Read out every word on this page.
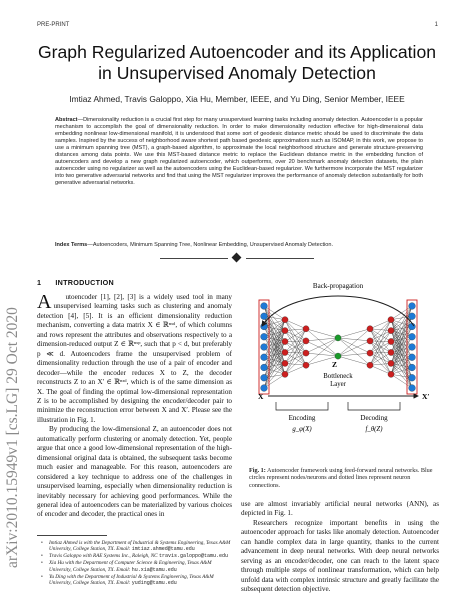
PRE-PRINT	1
arXiv:2010.15949v1 [cs.LG] 29 Oct 2020
Graph Regularized Autoencoder and its Application in Unsupervised Anomaly Detection
Imtiaz Ahmed, Travis Galoppo, Xia Hu, Member, IEEE, and Yu Ding, Senior Member, IEEE
Abstract—Dimensionality reduction is a crucial first step for many unsupervised learning tasks including anomaly detection. Autoencoder is a popular mechanism to accomplish the goal of dimensionality reduction. In order to make dimensionality reduction effective for high-dimensional data embedding nonlinear low-dimensional manifold, it is understood that some sort of geodesic distance metric should be used to discriminate the data samples. Inspired by the success of neighborhood aware shortest path based geodesic approximatiors such as ISOMAP, in this work, we propose to use a minimum spanning tree (MST), a graph-based algorithm, to approximate the local neighborhood structure and generate structure-preserving distances among data points. We use this MST-based distance metric to replace the Euclidean distance metric in the embedding function of autoencoders and develop a new graph regularized autoencoder, which outperforms, over 20 benchmark anomaly detection datasets, the plain autoencoder using no regularizer as well as the autoencoders using the Euclidean-based regularizer. We furthermore incorporate the MST regularizer into two generative adversarial networks and find that using the MST regularizer improves the performance of anomaly detection substantially for both generative adversarial networks.
Index Terms—Autoencoders, Minimum Spanning Tree, Nonlinear Embedding, Unsupervised Anomaly Detection.
1 INTRODUCTION

A utoencoder [1], [2], [3] is a widely used tool in many unsupervised learning tasks such as clustering and anomaly detection [4], [5]. It is an efficient dimensionality reduction mechanism, converting a data matrix X ∈ ℝⁿˣᵈ, of which columns and rows represent the attributes and observations respectively to a dimension-reduced output Z ∈ ℝⁿˣᵖ, such that p < d, but preferably p ≪ d. Autoencoders frame the unsupervised problem of dimensionality reduction through the use of a pair of encoder and decoder—while the encoder reduces X to Z, the decoder reconstructs Z to an X′ ∈ ℝⁿˣᵈ, which is of the same dimension as X. The goal of finding the optimal low-dimensional representation Z is to be accomplished by designing the encoder/decoder pair to minimize the reconstruction error between X and X′. Please see the illustration in Fig. 1.

By producing the low-dimensional Z, an autoencoder does not automatically perform clustering or anomaly detection. Yet, people argue that once a good low-dimensional representation of the high-dimensional original data is obtained, the subsequent tasks become much easier and manageable. For this reason, autoencoders are considered a key technique to address one of the challenges in unsupervised learning, especially when dimensionality reduction is inevitably necessary for achieving good performances. While the general idea of autoencoders can be materialized by various choices of encoder and decoder, the practical ones in

• Imtiaz Ahmed is with the Department of Industrial & Systems Engineering, Texas A&M University, College Station, TX. Email: imtiaz.ahmed@tamu.edu
• Travis Galoppo with RAE Systems Inc., Raleigh, NC travis.galoppo@tamu.edu
• Xia Hu with the Department of Computer Science & Engineering, Texas A&M University, College Station, TX. Email: hu.xia@tamu.edu
• Yu Ding with the Department of Industrial & Systems Engineering, Texas A&M University, College Station, TX. Email: yuding@tamu.edu
Back-propagation
Z
Bottleneck
Layer
X	X′
Encoding	Decoding
g_φ(X)	f_θ(Z)
Fig. 1: Autoencoder framework using feed-forward neural networks. Blue circles represent nodes/neurons and dotted lines represent neuron connections.

use are almost invariably artificial neural networks (ANN), as depicted in Fig. 1.

Researchers recognize important benefits in using the autoencoder approach for tasks like anomaly detection. Autoencoder can handle complex data in large quantity, thanks to the current advancement in deep neural networks. With deep neural networks serving as an encoder/decoder, one can reach to the latent space through multiple steps of nonlinear transformation, which can help unfold data with complex intrinsic structure and greatly facilitate the subsequent detection objective.
